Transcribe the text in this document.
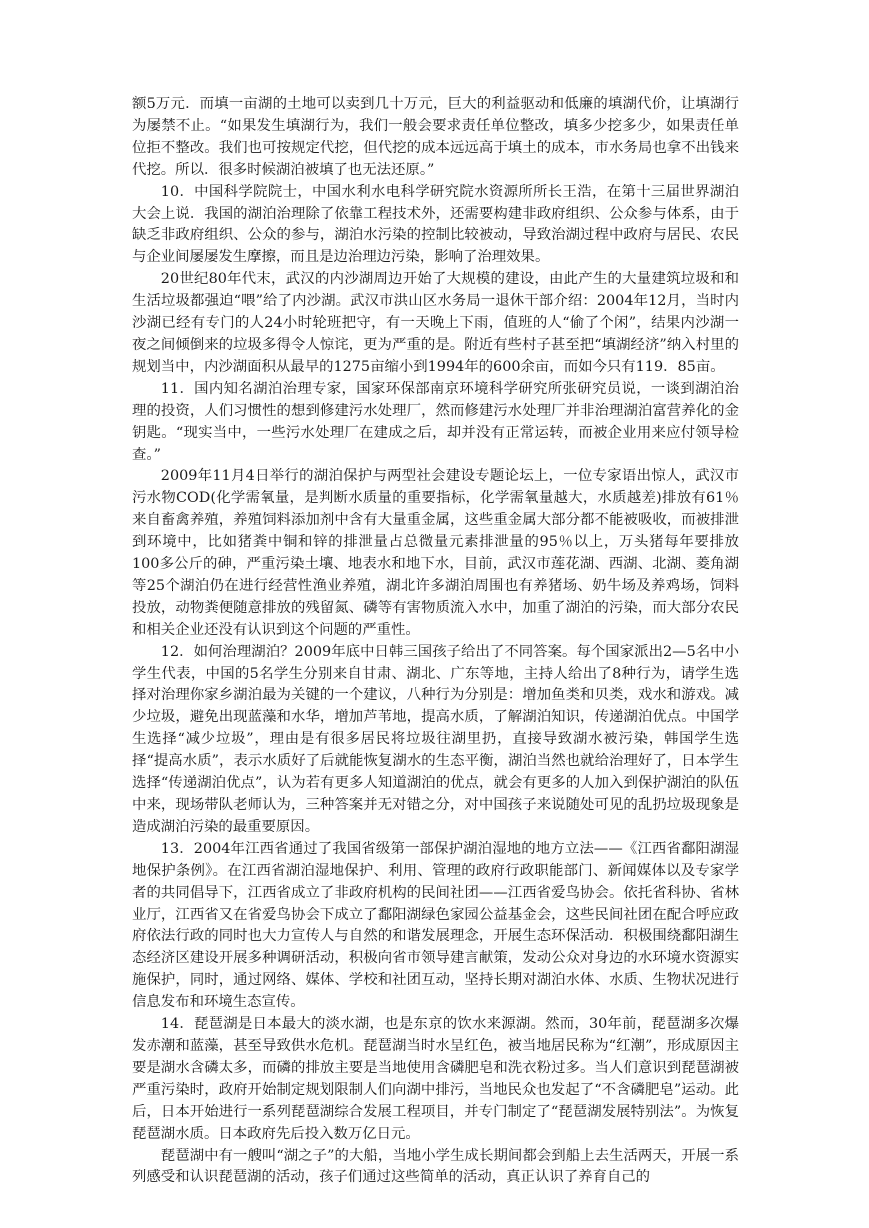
额5万元．而填一亩湖的土地可以卖到几十万元，巨大的利益驱动和低廉的填湖代价，让填湖行为屡禁不止。“如果发生填湖行为，我们一般会要求责任单位整改，填多少挖多少，如果责任单位拒不整改。我们也可按规定代挖，但代挖的成本远远高于填土的成本，市水务局也拿不出钱来代挖。所以．很多时候湖泊被填了也无法还原。”

10．中国科学院院士，中国水利水电科学研究院水资源所所长王浩，在第十三届世界湖泊大会上说．我国的湖泊治理除了依靠工程技术外，还需要构建非政府组织、公众参与体系，由于缺乏非政府组织、公众的参与，湖泊水污染的控制比较被动，导致治湖过程中政府与居民、农民与企业间屡屡发生摩擦，而且是边治理边污染，影响了治理效果。

20世纪80年代末，武汉的内沙湖周边开始了大规模的建设，由此产生的大量建筑垃圾和和生活垃圾都强迫“喂”给了内沙湖。武汉市洪山区水务局一退休干部介绍：2004年12月，当时内沙湖已经有专门的人24小时轮班把守，有一天晚上下雨，值班的人“偷了个闲”，结果内沙湖一夜之间倾倒来的垃圾多得令人惊诧，更为严重的是。附近有些村子甚至把“填湖经济”纳入村里的规划当中，内沙湖面积从最早的1275亩缩小到1994年的600余亩，而如今只有119．85亩。

11．国内知名湖泊治理专家，国家环保部南京环境科学研究所张研究员说，一谈到湖泊治理的投资，人们习惯性的想到修建污水处理厂，然而修建污水处理厂并非治理湖泊富营养化的金钥匙。“现实当中，一些污水处理厂在建成之后，却并没有正常运转，而被企业用来应付领导检查。”

2009年11月4日举行的湖泊保护与两型社会建设专题论坛上，一位专家语出惊人，武汉市污水物COD(化学需氧量，是判断水质量的重要指标，化学需氧量越大，水质越差)排放有61％来自畜禽养殖，养殖饲料添加剂中含有大量重金属，这些重金属大部分都不能被吸收，而被排泄到环境中，比如猪粪中铜和锌的排泄量占总微量元素排泄量的95％以上，万头猪每年要排放100多公斤的砷，严重污染土壤、地表水和地下水，目前，武汉市莲花湖、西湖、北湖、菱角湖等25个湖泊仍在进行经营性渔业养殖，湖北许多湖泊周围也有养猪场、奶牛场及养鸡场，饲料投放，动物粪便随意排放的残留氮、磷等有害物质流入水中，加重了湖泊的污染，而大部分农民和相关企业还没有认识到这个问题的严重性。

12．如何治理湖泊？2009年底中日韩三国孩子给出了不同答案。每个国家派出2—5名中小学生代表，中国的5名学生分别来自甘肃、湖北、广东等地，主持人给出了8种行为，请学生选择对治理你家乡湖泊最为关键的一个建议，八种行为分别是：增加鱼类和贝类，戏水和游戏。减少垃圾，避免出现蓝藻和水华，增加芦苇地，提高水质，了解湖泊知识，传递湖泊优点。中国学生选择“减少垃圾”，理由是有很多居民将垃圾往湖里扔，直接导致湖水被污染，韩国学生选择“提高水质”，表示水质好了后就能恢复湖水的生态平衡，湖泊当然也就给治理好了，日本学生选择“传递湖泊优点”，认为若有更多人知道湖泊的优点，就会有更多的人加入到保护湖泊的队伍中来，现场带队老师认为，三种答案并无对错之分，对中国孩子来说随处可见的乱扔垃圾现象是造成湖泊污染的最重要原因。

13．2004年江西省通过了我国省级第一部保护湖泊湿地的地方立法——《江西省鄱阳湖湿地保护条例》。在江西省湖泊湿地保护、利用、管理的政府行政职能部门、新闻媒体以及专家学者的共同倡导下，江西省成立了非政府机构的民间社团——江西省爱鸟协会。依托省科协、省林业厅，江西省又在省爱鸟协会下成立了鄱阳湖绿色家园公益基金会，这些民间社团在配合呼应政府依法行政的同时也大力宣传人与自然的和谐发展理念，开展生态环保活动．积极围绕鄱阳湖生态经济区建设开展多种调研活动，积极向省市领导建言献策，发动公众对身边的水环境水资源实施保护，同时，通过网络、媒体、学校和社团互动，坚持长期对湖泊水体、水质、生物状况进行信息发布和环境生态宣传。

14．琵琶湖是日本最大的淡水湖，也是东京的饮水来源湖。然而，30年前，琵琶湖多次爆发赤潮和蓝藻，甚至导致供水危机。琵琶湖当时水呈红色，被当地居民称为“红潮”，形成原因主要是湖水含磷太多，而磷的排放主要是当地使用含磷肥皂和洗衣粉过多。当人们意识到琵琶湖被严重污染时，政府开始制定规划限制人们向湖中排污，当地民众也发起了“不含磷肥皂”运动。此后，日本开始进行一系列琵琶湖综合发展工程项目，并专门制定了“琵琶湖发展特别法”。为恢复琵琶湖水质。日本政府先后投入数万亿日元。

琵琶湖中有一艘叫“湖之子”的大船，当地小学生成长期间都会到船上去生活两天，开展一系列感受和认识琵琶湖的活动，孩子们通过这些简单的活动，真正认识了养育自己的
